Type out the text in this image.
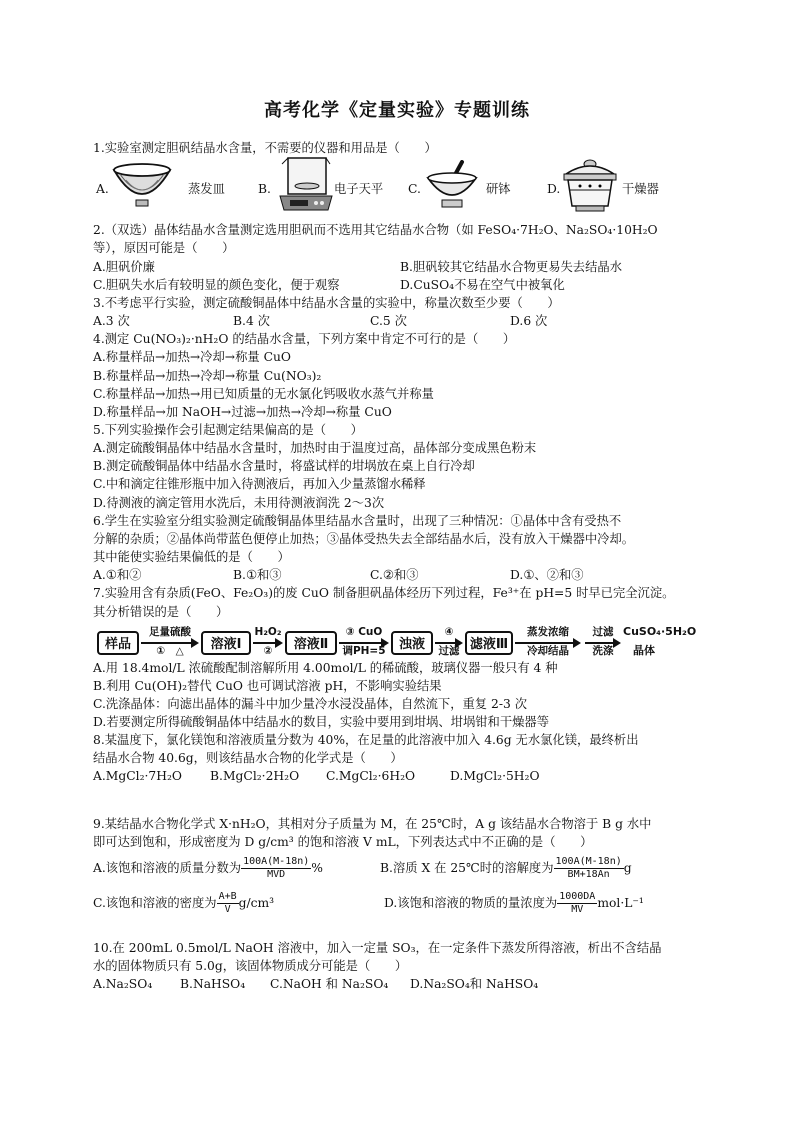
高考化学《定量实验》专题训练
1.实验室测定胆矾结晶水含量，不需要的仪器和用品是（　　）
A.	蒸发皿	B.	电子天平 C.	研钵	D.	干燥器
2.（双选）晶体结晶水含量测定选用胆矾而不选用其它结晶水合物（如 FeSO₄·7H₂O、Na₂SO₄·10H₂O
等），原因可能是（　　）
A.胆矾价廉	B.胆矾较其它结晶水合物更易失去结晶水
C.胆矾失水后有较明显的颜色变化，便于观察	D.CuSO₄不易在空气中被氧化
3.不考虑平行实验，测定硫酸铜晶体中结晶水含量的实验中，称量次数至少要（　　）
A.3 次	B.4 次	C.5 次	D.6 次
4.测定 Cu(NO₃)₂·nH₂O 的结晶水含量，下列方案中肯定不可行的是（　　）
A.称量样品→加热→冷却→称量 CuO
B.称量样品→加热→冷却→称量 Cu(NO₃)₂
C.称量样品→加热→用已知质量的无水氯化钙吸收水蒸气并称量
D.称量样品→加 NaOH→过滤→加热→冷却→称量 CuO
5.下列实验操作会引起测定结果偏高的是（　　）
A.测定硫酸铜晶体中结晶水含量时，加热时由于温度过高，晶体部分变成黑色粉末
B.测定硫酸铜晶体中结晶水含量时，将盛试样的坩埚放在桌上自行冷却
C.中和滴定往锥形瓶中加入待测液后，再加入少量蒸馏水稀释
D.待测液的滴定管用水洗后，未用待测液润洗 2～3次
6.学生在实验室分组实验测定硫酸铜晶体里结晶水含量时，出现了三种情况：①晶体中含有受热不
分解的杂质；②晶体尚带蓝色便停止加热；③晶体受热失去全部结晶水后，没有放入干燥器中冷却。
其中能使实验结果偏低的是（　　）
A.①和②	B.①和③	C.②和③	D.①、②和③
7.实验用含有杂质(FeO、Fe₂O₃)的废 CuO 制备胆矾晶体经历下列过程，Fe³⁺在 pH=5 时早已完全沉淀。
其分析错误的是（　　）
样品
足量硫酸
①　△	溶液Ⅰ
H₂O₂
②	溶液Ⅱ
③ CuO
调PH=5	浊液
④
过滤 滤液Ⅲ
蒸发浓缩
冷却结晶
过滤
洗涤
CuSO₄·5H₂O
晶体
A.用 18.4mol/L 浓硫酸配制溶解所用 4.00mol/L 的稀硫酸，玻璃仪器一般只有 4 种
B.利用 Cu(OH)₂替代 CuO 也可调试溶液 pH，不影响实验结果
C.洗涤晶体：向滤出晶体的漏斗中加少量冷水浸没晶体，自然流下，重复 2-3 次
D.若要测定所得硫酸铜晶体中结晶水的数目，实验中要用到坩埚、坩埚钳和干燥器等
8.某温度下，氯化镁饱和溶液质量分数为 40%，在足量的此溶液中加入 4.6g 无水氯化镁，最终析出
结晶水合物 40.6g，则该结晶水合物的化学式是（　　）
A.MgCl₂·7H₂O B.MgCl₂·2H₂O C.MgCl₂·6H₂O	D.MgCl₂·5H₂O
9.某结晶水合物化学式 X·nH₂O，其相对分子质量为 M，在 25℃时，A g 该结晶水合物溶于 B g 水中
即可达到饱和，形成密度为 D g/cm³ 的饱和溶液 V mL，下列表达式中不正确的是（　　）
A.该饱和溶液的质量分数为 $\frac{100A(M-18n)}{\text{MVD}}$ %	B.溶质 X 在 25℃时的溶解度为 $\frac{100A(M-18n)}{BM+18An}$ g
C.该饱和溶液的密度为 $\frac{A+B}{V} g/cm^3$	D.该饱和溶液的物质的量浓度为 $\frac{1000DA}{MV} mol\cdot L^{-1}$
10.在 200mL 0.5mol/L NaOH 溶液中，加入一定量 SO₃，在一定条件下蒸发所得溶液，析出不含结晶
水的固体物质只有 5.0g，该固体物质成分可能是（　　）
A.Na₂SO₄ B.NaHSO₄ C.NaOH 和 Na₂SO₄ D.Na₂SO₄和 NaHSO₄
